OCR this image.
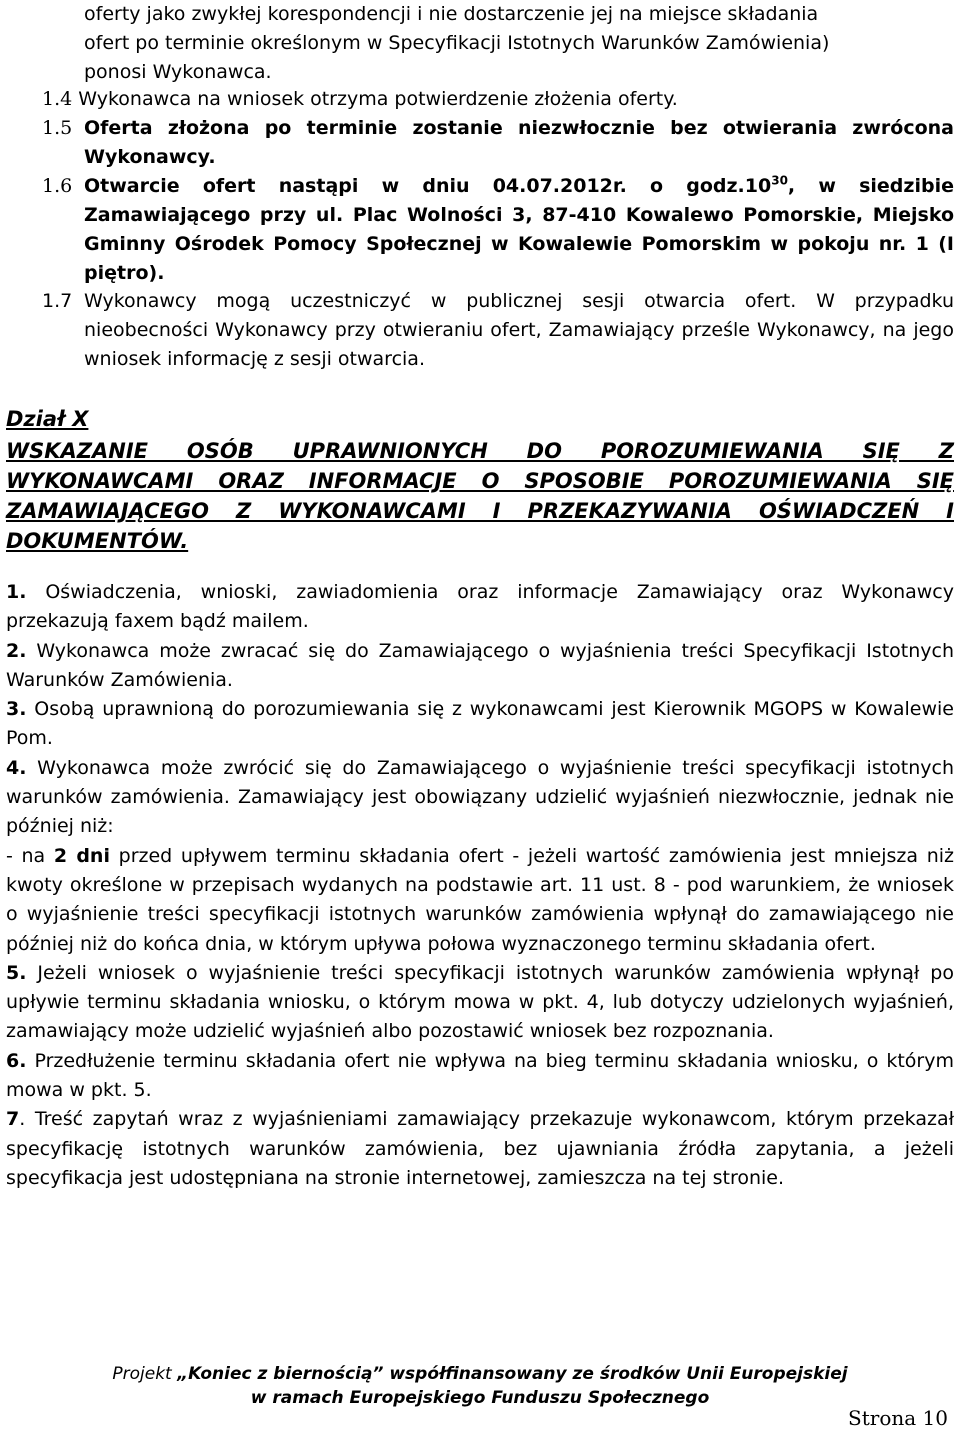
oferty jako zwykłej korespondencji i nie dostarczenie jej na miejsce składania
ofert po terminie określonym w Specyfikacji Istotnych Warunków Zamówienia)
ponosi Wykonawca.
1.4 Wykonawca na wniosek otrzyma potwierdzenie złożenia oferty.
1.5 Oferta złożona po terminie zostanie niezwłocznie bez otwierania zwrócona Wykonawcy.
1.6 Otwarcie ofert nastąpi w dniu 04.07.2012r. o $godz.10^{30}$, w siedzibie Zamawiającego przy ul. Plac Wolności 3, 87-410 Kowalewo Pomorskie, Miejsko Gminny Ośrodek Pomocy Społecznej w Kowalewie Pomorskim w pokoju nr. 1 (I piętro).
1.7 Wykonawcy mogą uczestniczyć w publicznej sesji otwarcia ofert. W przypadku nieobecności Wykonawcy przy otwieraniu ofert, Zamawiający prześle Wykonawcy, na jego wniosek informację z sesji otwarcia.
Dział X
WSKAZANIE OSÓB UPRAWNIONYCH DO POROZUMIEWANIA SIĘ Z WYKONAWCAMI ORAZ INFORMACJE O SPOSOBIE POROZUMIEWANIA SIĘ ZAMAWIAJĄCEGO Z WYKONAWCAMI I PRZEKAZYWANIA OŚWIADCZEŃ I DOKUMENTÓW.

1. Oświadczenia, wnioski, zawiadomienia oraz informacje Zamawiający oraz Wykonawcy przekazują faxem bądź mailem.

2. Wykonawca może zwracać się do Zamawiającego o wyjaśnienia treści Specyfikacji Istotnych Warunków Zamówienia.

3. Osobą uprawnioną do porozumiewania się z wykonawcami jest Kierownik MGOPS w Kowalewie Pom.

4. Wykonawca może zwrócić się do Zamawiającego o wyjaśnienie treści specyfikacji istotnych warunków zamówienia. Zamawiający jest obowiązany udzielić wyjaśnień niezwłocznie, jednak nie później niż:

- na 2 dni przed upływem terminu składania ofert - jeżeli wartość zamówienia jest mniejsza niż kwoty określone w przepisach wydanych na podstawie art. 11 ust. 8 - pod warunkiem, że wniosek o wyjaśnienie treści specyfikacji istotnych warunków zamówienia wpłynął do zamawiającego nie później niż do końca dnia, w którym upływa połowa wyznaczonego terminu składania ofert.

5. Jeżeli wniosek o wyjaśnienie treści specyfikacji istotnych warunków zamówienia wpłynął po upływie terminu składania wniosku, o którym mowa w pkt. 4, lub dotyczy udzielonych wyjaśnień, zamawiający może udzielić wyjaśnień albo pozostawić wniosek bez rozpoznania.

6. Przedłużenie terminu składania ofert nie wpływa na bieg terminu składania wniosku, o którym mowa w pkt. 5.

7. Treść zapytań wraz z wyjaśnieniami zamawiający przekazuje wykonawcom, którym przekazał specyfikację istotnych warunków zamówienia, bez ujawniania źródła zapytania, a jeżeli specyfikacja jest udostępniana na stronie internetowej, zamieszcza na tej stronie.

Projekt „Koniec z biernością” współfinansowany ze środków Unii Europejskiej
w ramach Europejskiego Funduszu Społecznego
Strona 10
